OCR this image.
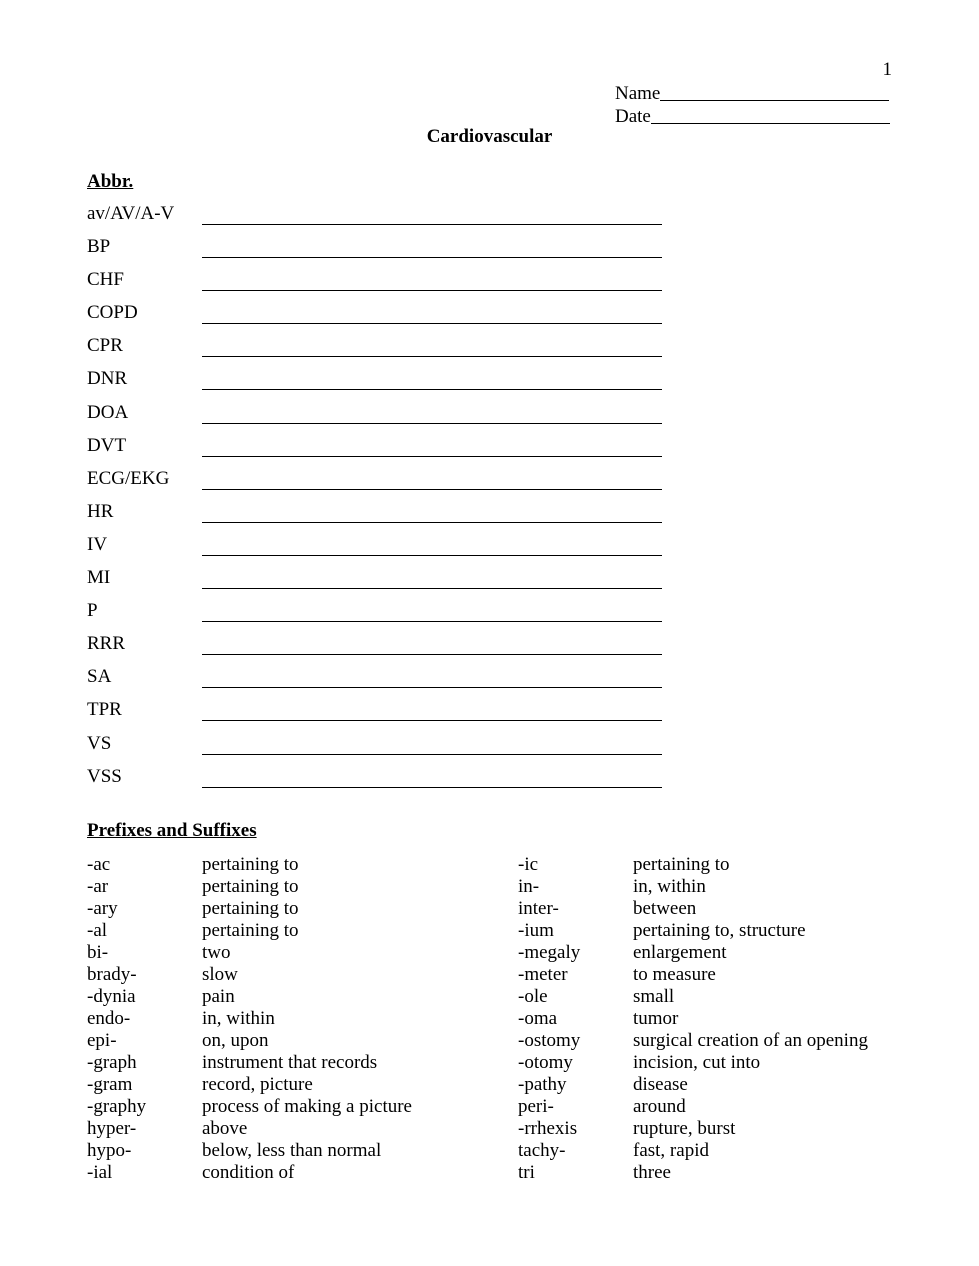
1
Name
Date
Cardiovascular
Abbr.
av/AV/A-V
BP
CHF
COPD
CPR
DNR
DOA
DVT
ECG/EKG
HR
IV
MI
P
RRR
SA
TPR
VS
VSS
Prefixes and Suffixes
-ac	pertaining to
-ar	pertaining to
-ary	pertaining to
-al	pertaining to
bi-	two
brady-	slow
-dynia	pain
endo-	in, within
epi-	on, upon
-graph	instrument that records
-gram	record, picture
-graphy	process of making a picture
hyper-	above
hypo-	below, less than normal
-ial	condition of
-ic	pertaining to
in-	in, within
inter-	between
-ium	pertaining to, structure
-megaly	enlargement
-meter	to measure
-ole	small
-oma	tumor
-ostomy	surgical creation of an opening
-otomy	incision, cut into
-pathy	disease
peri-	around
-rrhexis	rupture, burst
tachy-	fast, rapid
tri	three
